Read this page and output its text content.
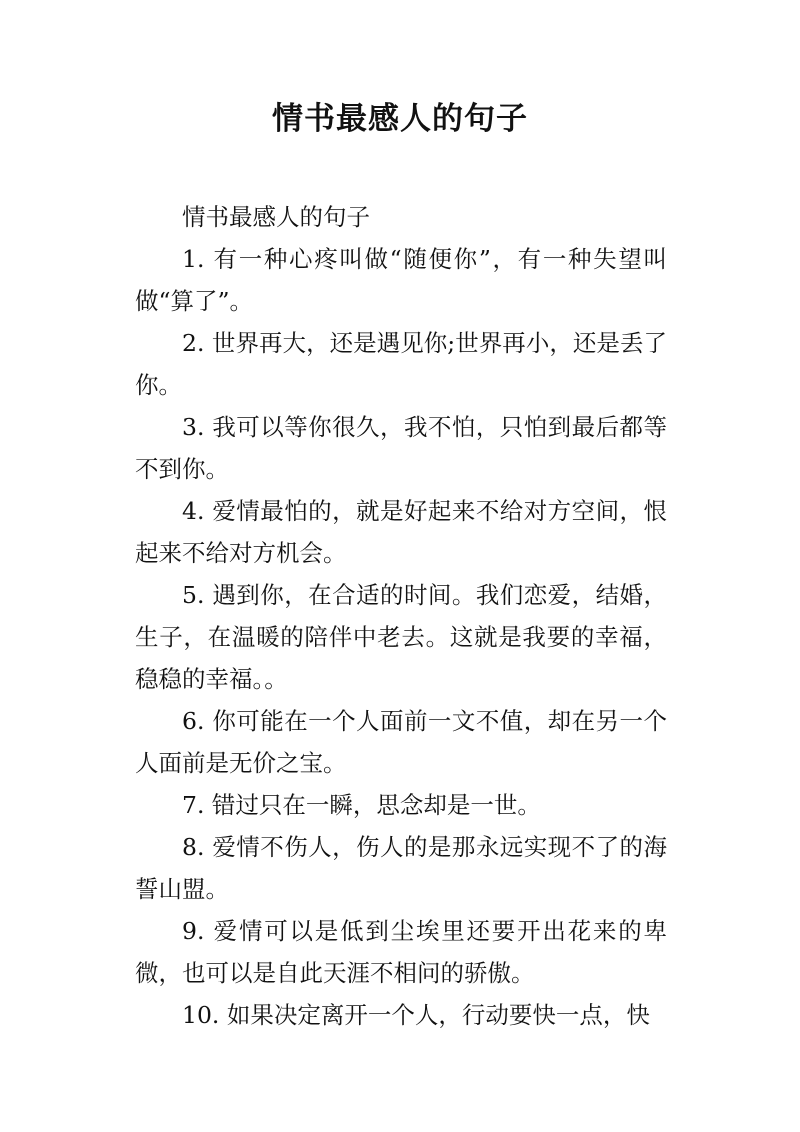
情书最感人的句子

情书最感人的句子

1. 有一种心疼叫做“随便你”，有一种失望叫做“算了”。

2. 世界再大，还是遇见你;世界再小，还是丢了你。

3. 我可以等你很久，我不怕，只怕到最后都等不到你。

4. 爱情最怕的，就是好起来不给对方空间，恨起来不给对方机会。

5. 遇到你，在合适的时间。我们恋爱，结婚，生子，在温暖的陪伴中老去。这就是我要的幸福，稳稳的幸福。。

6. 你可能在一个人面前一文不值，却在另一个人面前是无价之宝。

7. 错过只在一瞬，思念却是一世。

8. 爱情不伤人，伤人的是那永远实现不了的海誓山盟。

9. 爱情可以是低到尘埃里还要开出花来的卑微，也可以是自此天涯不相问的骄傲。

10. 如果决定离开一个人，行动要快一点，快
